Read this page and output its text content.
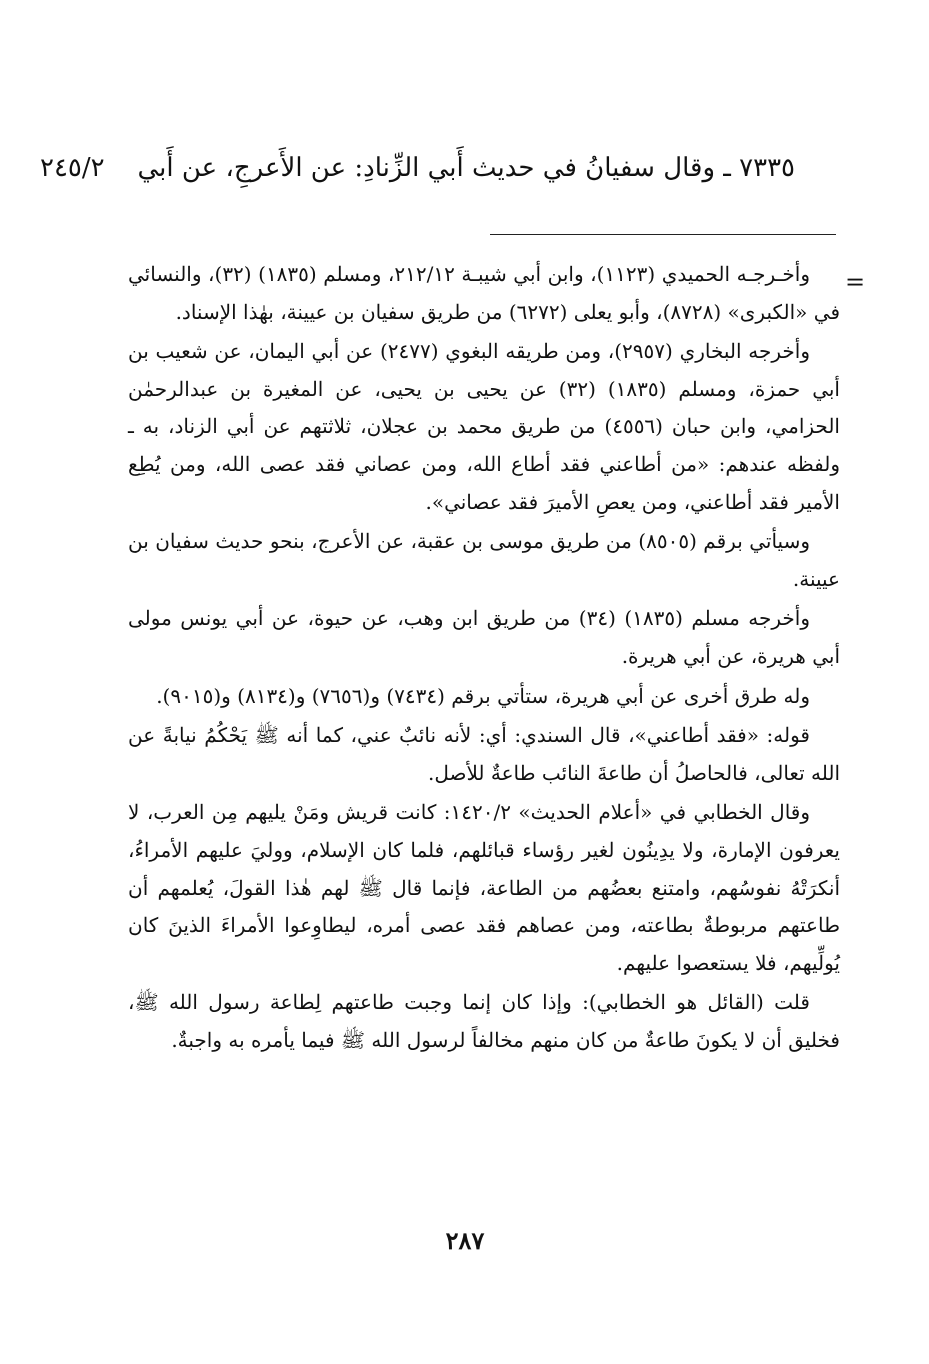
٧٣٣٥ ـ وقال سفيانُ في حديث أَبي الزِّنادِ: عن الأَعرجِ، عن أَبي
٢٤٥/٢
=

وأخـرجـه الحميدي (١١٢٣)، وابن أبي شيبـة ٢١٢/١٢، ومسلم (١٨٣٥) (٣٢)، والنسائي في «الكبرى» (٨٧٢٨)، وأبو يعلى (٦٢٧٢) من طريق سفيان بن عيينة، بهٰذا الإسناد.

وأخرجه البخاري (٢٩٥٧)، ومن طريقه البغوي (٢٤٧٧) عن أبي اليمان، عن شعيب بن أبي حمزة، ومسلم (١٨٣٥) (٣٢) عن يحيى بن يحيى، عن المغيرة بن عبدالرحمٰن الحزامي، وابن حبان (٤٥٥٦) من طريق محمد بن عجلان، ثلاثتهم عن أبي الزناد، به ـ ولفظه عندهم: «من أطاعني فقد أطاع الله، ومن عصاني فقد عصى الله، ومن يُطِع الأمير فقد أطاعني، ومن يعصِ الأميرَ فقد عصاني».

وسيأتي برقم (٨٥٠٥) من طريق موسى بن عقبة، عن الأعرج، بنحو حديث سفيان بن عيينة.

وأخرجه مسلم (١٨٣٥) (٣٤) من طريق ابن وهب، عن حيوة، عن أبي يونس مولى أبي هريرة، عن أبي هريرة.

وله طرق أخرى عن أبي هريرة، ستأتي برقم (٧٤٣٤) و(٧٦٥٦) و(٨١٣٤) و(٩٠١٥).

قوله: «فقد أطاعني»، قال السندي: أي: لأنه نائبٌ عني، كما أنه ﷺ يَحْكُمُ نيابةً عن الله تعالى، فالحاصلُ أن طاعةَ النائب طاعةٌ للأصل.

وقال الخطابي في «أعلام الحديث» ١٤٢٠/٢: كانت قريش ومَنْ يليهم مِن العرب، لا يعرفون الإمارة، ولا يدِينُون لغير رؤساء قبائلهم، فلما كان الإسلام، ووليَ عليهم الأمراءُ، أنكرَتْهُ نفوسُهم، وامتنع بعضُهم من الطاعة، فإنما قال ﷺ لهم هٰذا القولَ، يُعلمهم أن طاعتهم مربوطةٌ بطاعته، ومن عصاهم فقد عصى أمره، ليطاوِعوا الأمراءَ الذينَ كان يُولِّيهم، فلا يستعصوا عليهم.

قلت (القائل هو الخطابي): وإذا كان إنما وجبت طاعتهم لِطاعة رسول الله ﷺ، فخليق أن لا يكونَ طاعةٌ من كان منهم مخالفاً لرسول الله ﷺ فيما يأمره به واجبةٌ.

٢٨٧
